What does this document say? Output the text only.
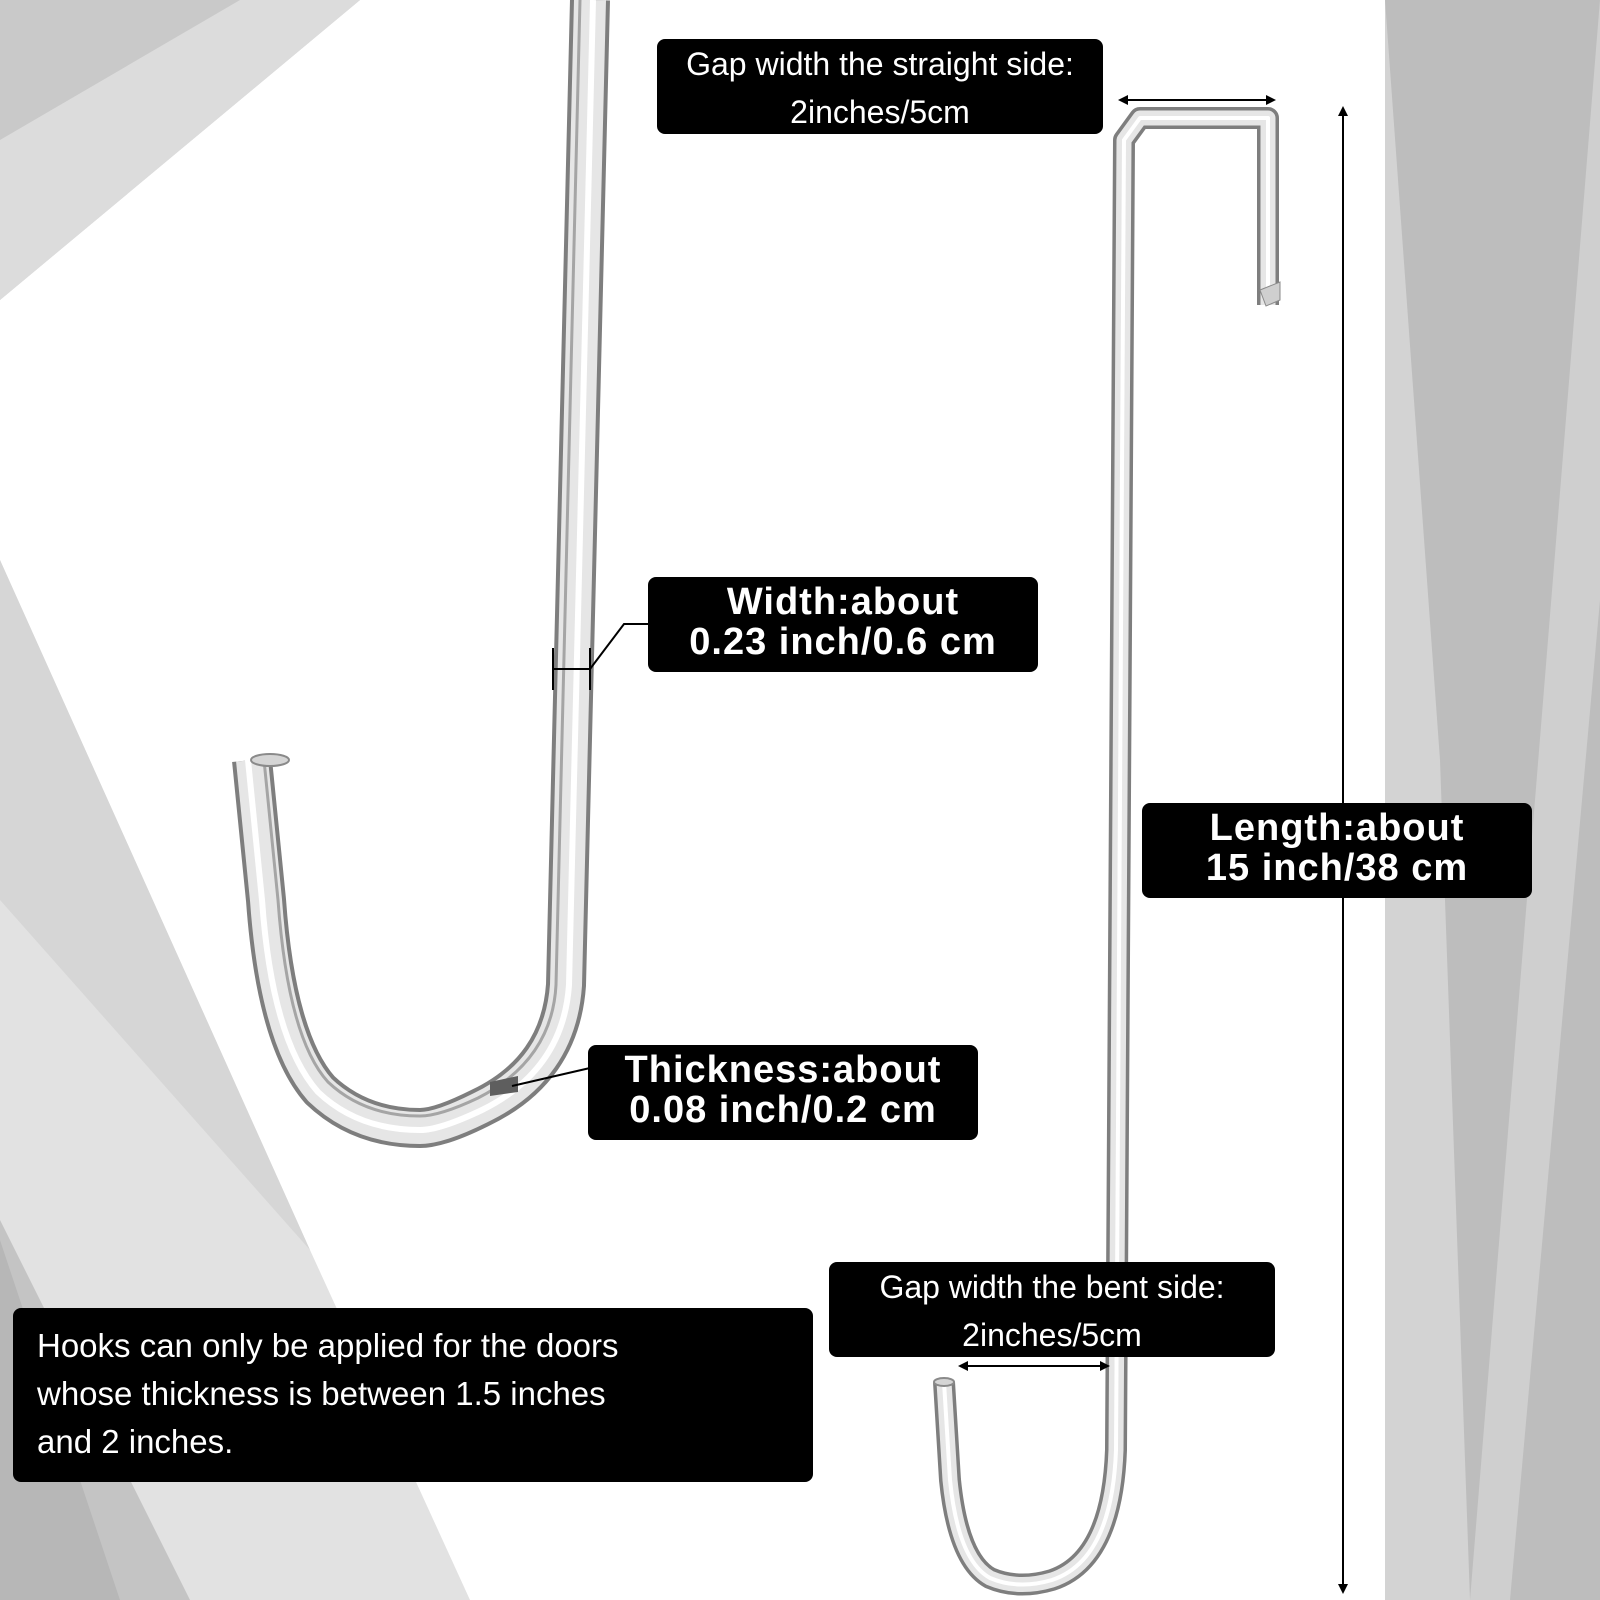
Gap width the straight side:
2inches/5cm
Width:about
0.23 inch/0.6 cm
Length:about
15 inch/38 cm
Thickness:about
0.08 inch/0.2 cm
Gap width the bent side:
2inches/5cm
Hooks can only be applied for the doors
whose thickness is between 1.5 inches
and 2 inches.
